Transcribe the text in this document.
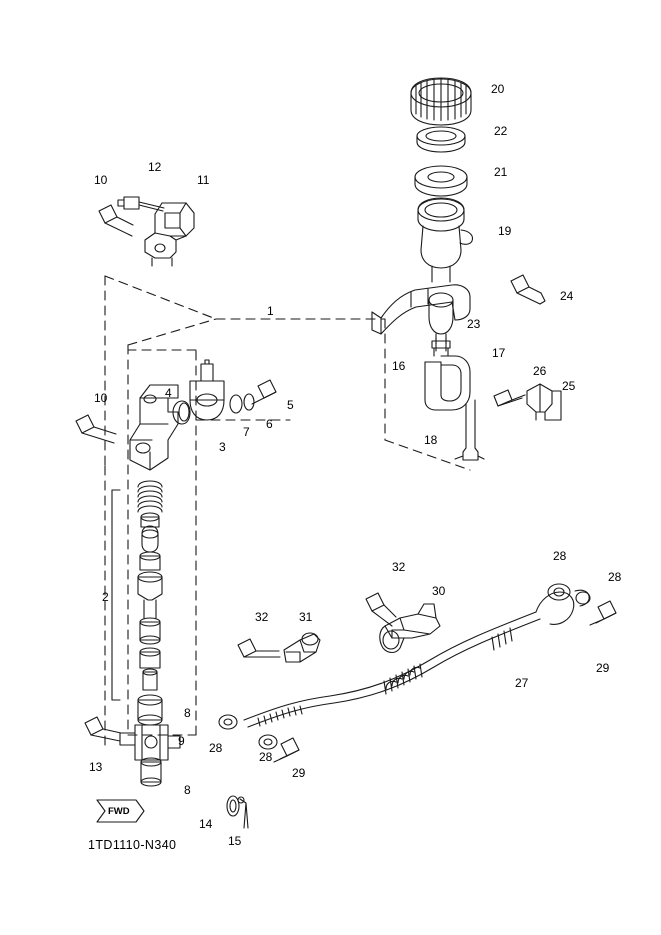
20
22
21
19
24
23
17
16	26
25
18
12
11
10
1
4
5
6
7
3
10
2
32
28
28
30
32	31
29
27
8
28
9
28
13	29
8
14
15
FWD
1TD1110-N340
